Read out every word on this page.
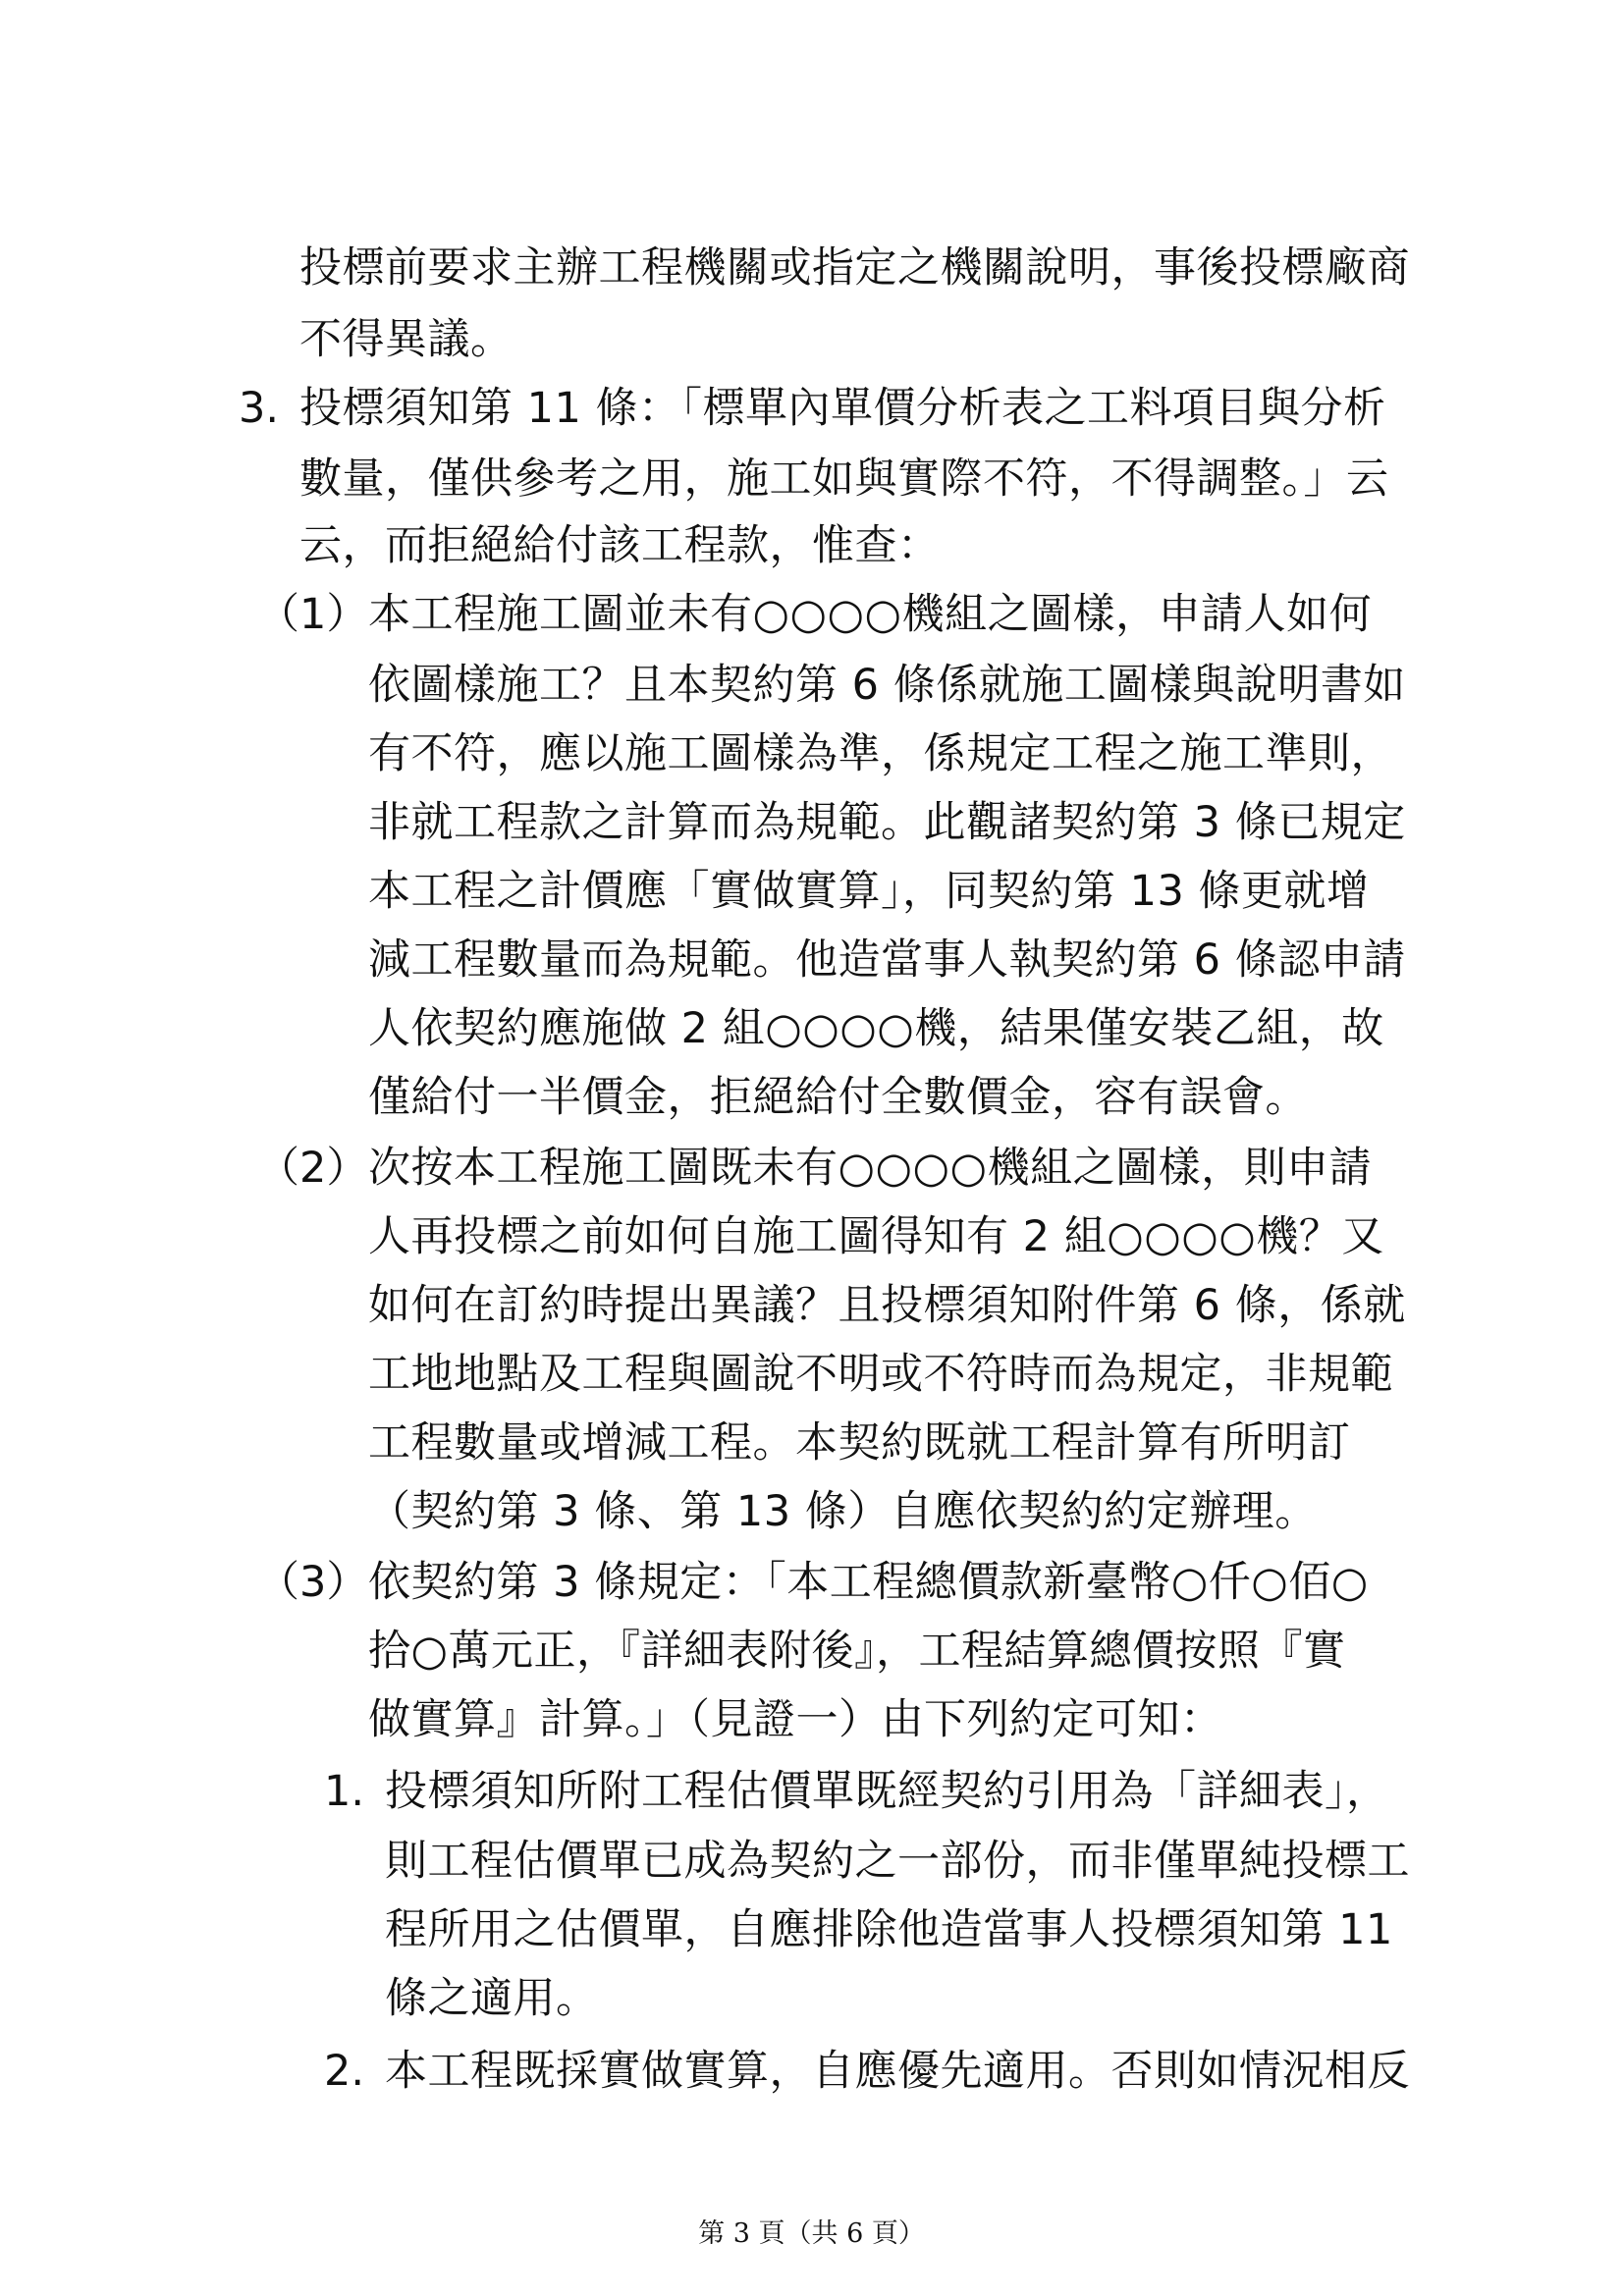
投標前要求主辦工程機關或指定之機關說明，事後投標廠商
不得異議。
3. 投標須知第 11 條：「標單內單價分析表之工料項目與分析
數量，僅供參考之用，施工如與實際不符，不得調整。」云
云，而拒絕給付該工程款，惟查：
（1） 本工程施工圖並未有○○○○機組之圖樣，申請人如何
依圖樣施工？且本契約第 6 條係就施工圖樣與說明書如
有不符，應以施工圖樣為準，係規定工程之施工準則，
非就工程款之計算而為規範。此觀諸契約第 3 條已規定
本工程之計價應「實做實算」，同契約第 13 條更就增
減工程數量而為規範。他造當事人執契約第 6 條認申請
人依契約應施做 2 組○○○○機，結果僅安裝乙組，故
僅給付一半價金，拒絕給付全數價金，容有誤會。
（2） 次按本工程施工圖既未有○○○○機組之圖樣，則申請
人再投標之前如何自施工圖得知有 2 組○○○○機？又
如何在訂約時提出異議？且投標須知附件第 6 條，係就
工地地點及工程與圖說不明或不符時而為規定，非規範
工程數量或增減工程。本契約既就工程計算有所明訂
（契約第 3 條、第 13 條）自應依契約約定辦理。
（3） 依契約第 3 條規定：「本工程總價款新臺幣○仟○佰○
拾○萬元正，『詳細表附後』，工程結算總價按照『實
做實算』計算。」（見證一）由下列約定可知：
1. 投標須知所附工程估價單既經契約引用為「詳細表」，
則工程估價單已成為契約之一部份，而非僅單純投標工
程所用之估價單，自應排除他造當事人投標須知第 11
條之適用。
2. 本工程既採實做實算，自應優先適用。否則如情況相反
第 3 頁（共 6 頁）
